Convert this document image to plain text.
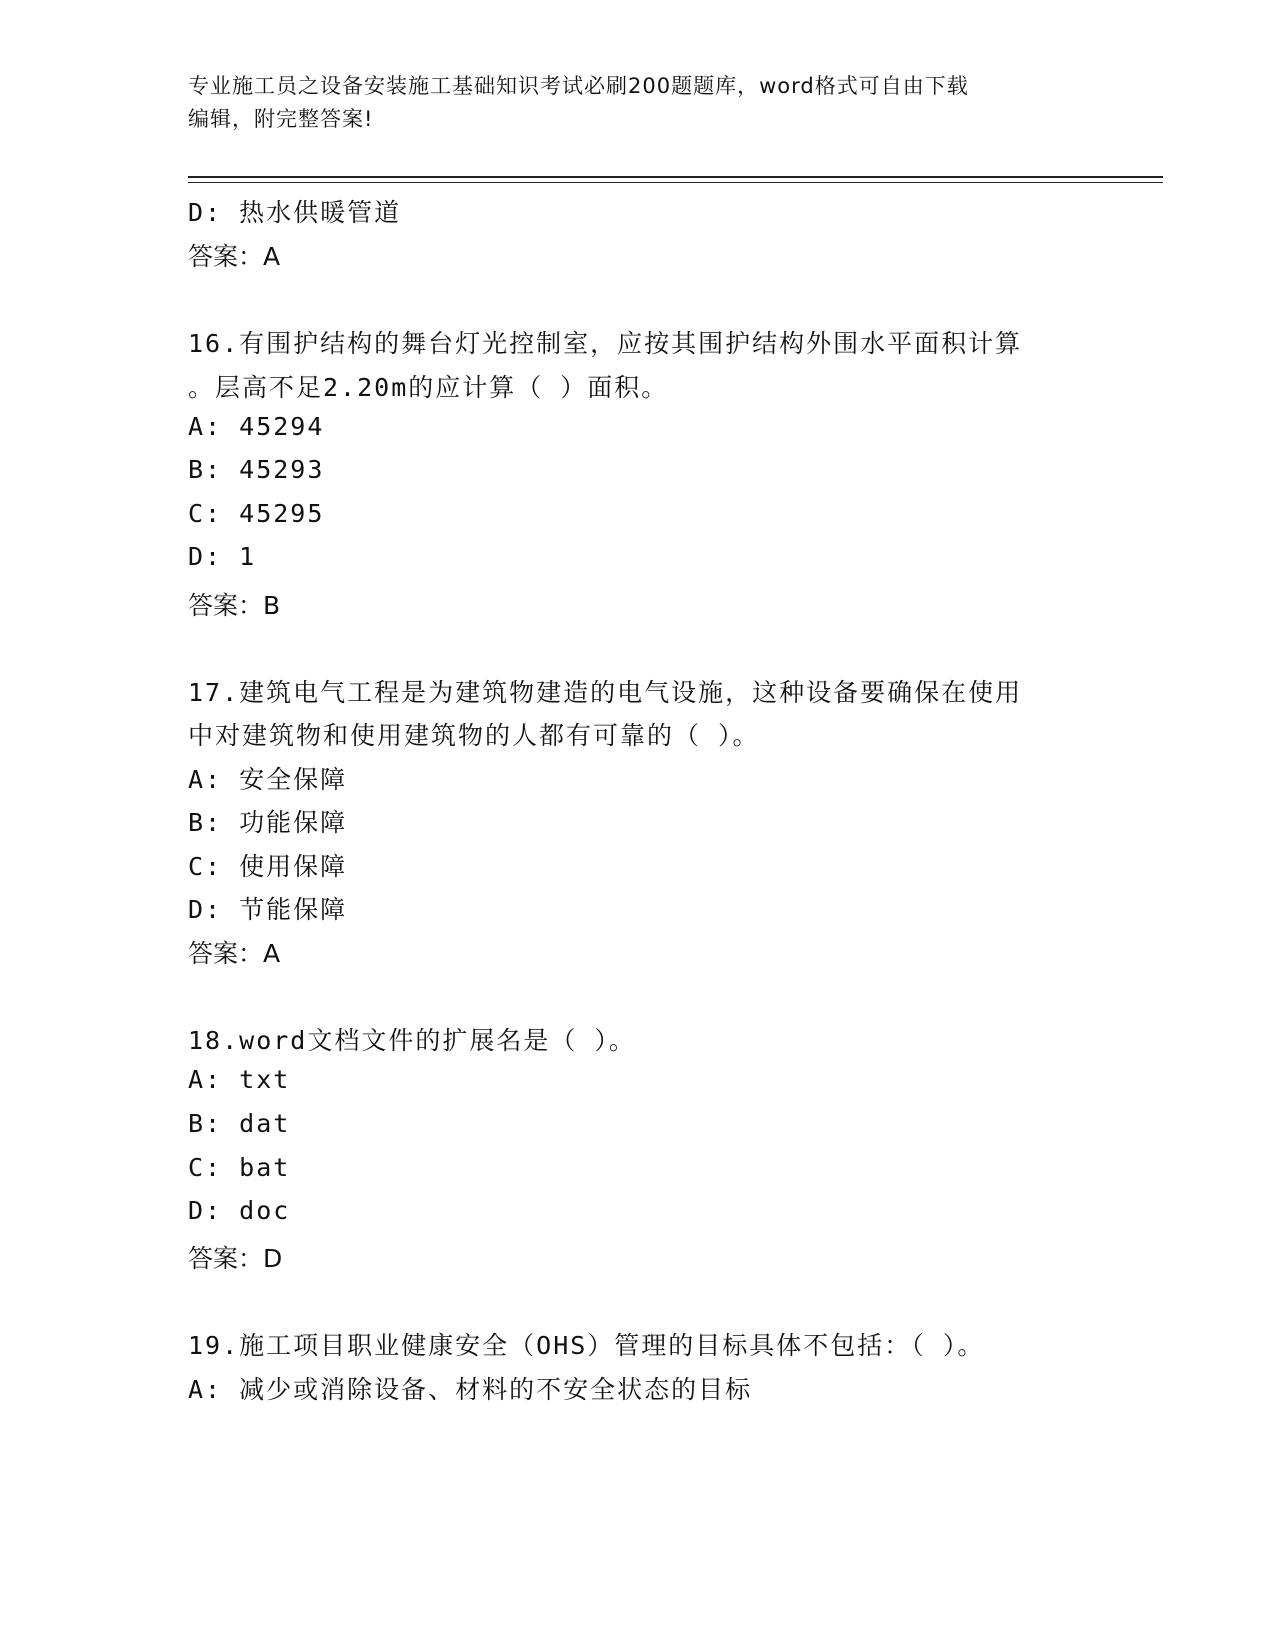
专业施工员之设备安装施工基础知识考试必刷200题题库，word格式可自由下载
编辑，附完整答案!
D: 热水供暖管道
答案：A
16.有围护结构的舞台灯光控制室，应按其围护结构外围水平面积计算
。层高不足2.20m的应计算（ ）面积。
A: 45294
B: 45293
C: 45295
D: 1
答案：B
17.建筑电气工程是为建筑物建造的电气设施，这种设备要确保在使用
中对建筑物和使用建筑物的人都有可靠的（ ）。
A: 安全保障
B: 功能保障
C: 使用保障
D: 节能保障
答案：A
18.word文档文件的扩展名是（ ）。
A: txt
B: dat
C: bat
D: doc
答案：D
19.施工项目职业健康安全（OHS）管理的目标具体不包括：（ ）。
A: 减少或消除设备、材料的不安全状态的目标
